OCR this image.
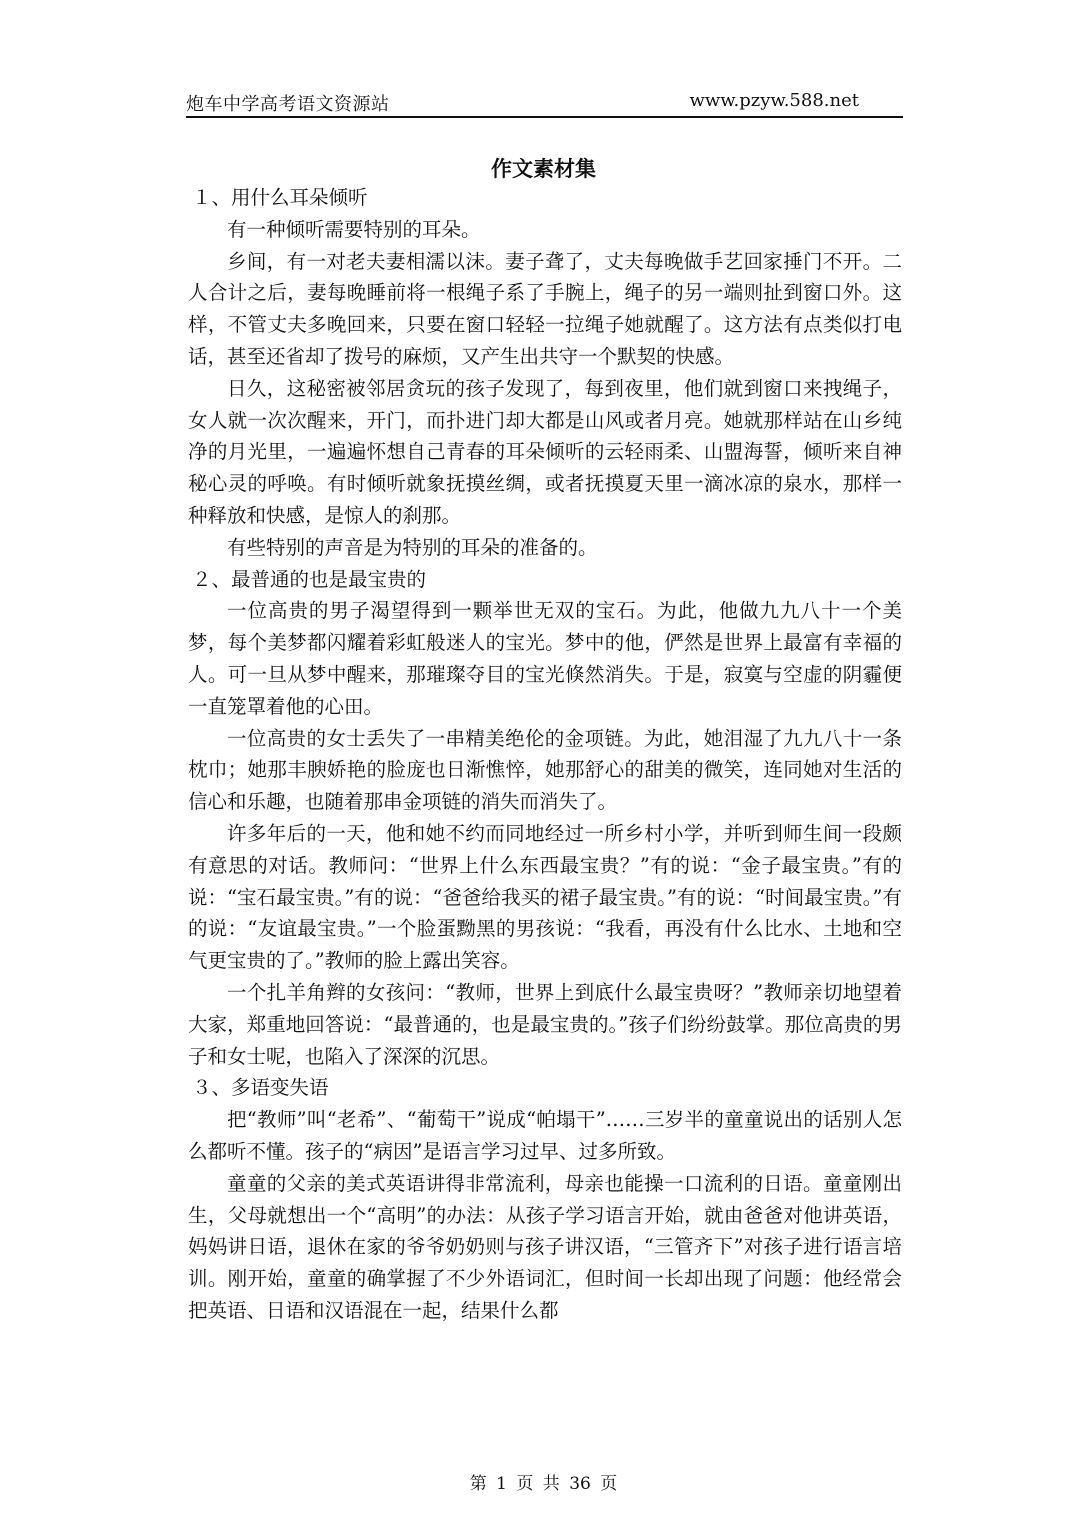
炮车中学高考语文资源站	www.pzyw.588.net
作文素材集

１、用什么耳朵倾听

有一种倾听需要特别的耳朵。

乡间，有一对老夫妻相濡以沫。妻子聋了，丈夫每晚做手艺回家捶门不开。二人合计之后，妻每晚睡前将一根绳子系了手腕上，绳子的另一端则扯到窗口外。这样，不管丈夫多晚回来，只要在窗口轻轻一拉绳子她就醒了。这方法有点类似打电话，甚至还省却了拨号的麻烦，又产生出共守一个默契的快感。

日久，这秘密被邻居贪玩的孩子发现了，每到夜里，他们就到窗口来拽绳子，女人就一次次醒来，开门，而扑进门却大都是山风或者月亮。她就那样站在山乡纯净的月光里，一遍遍怀想自己青春的耳朵倾听的云轻雨柔、山盟海誓，倾听来自神秘心灵的呼唤。有时倾听就象抚摸丝绸，或者抚摸夏天里一滴冰凉的泉水，那样一种释放和快感，是惊人的刹那。

有些特别的声音是为特别的耳朵的准备的。

２、最普通的也是最宝贵的

一位高贵的男子渴望得到一颗举世无双的宝石。为此，他做九九八十一个美梦，每个美梦都闪耀着彩虹般迷人的宝光。梦中的他，俨然是世界上最富有幸福的人。可一旦从梦中醒来，那璀璨夺目的宝光倏然消失。于是，寂寞与空虚的阴霾便一直笼罩着他的心田。

一位高贵的女士丢失了一串精美绝伦的金项链。为此，她泪湿了九九八十一条枕巾；她那丰腴娇艳的脸庞也日渐憔悴，她那舒心的甜美的微笑，连同她对生活的信心和乐趣，也随着那串金项链的消失而消失了。

许多年后的一天，他和她不约而同地经过一所乡村小学，并听到师生间一段颇有意思的对话。教师问：“世界上什么东西最宝贵？”有的说：“金子最宝贵。”有的说：“宝石最宝贵。”有的说：“爸爸给我买的裙子最宝贵。”有的说：“时间最宝贵。”有的说：“友谊最宝贵。”一个脸蛋黝黑的男孩说：“我看，再没有什么比水、土地和空气更宝贵的了。”教师的脸上露出笑容。

一个扎羊角辫的女孩问：“教师，世界上到底什么最宝贵呀？”教师亲切地望着大家，郑重地回答说：“最普通的，也是最宝贵的。”孩子们纷纷鼓掌。那位高贵的男子和女士呢，也陷入了深深的沉思。

３、多语变失语

把“教师”叫“老希”、“葡萄干”说成“帕塌干”……三岁半的童童说出的话别人怎么都听不懂。孩子的“病因”是语言学习过早、过多所致。

童童的父亲的美式英语讲得非常流利，母亲也能操一口流利的日语。童童刚出生，父母就想出一个“高明”的办法：从孩子学习语言开始，就由爸爸对他讲英语，妈妈讲日语，退休在家的爷爷奶奶则与孩子讲汉语，“三管齐下”对孩子进行语言培训。刚开始，童童的确掌握了不少外语词汇，但时间一长却出现了问题：他经常会把英语、日语和汉语混在一起，结果什么都

第 1 页 共 36 页
